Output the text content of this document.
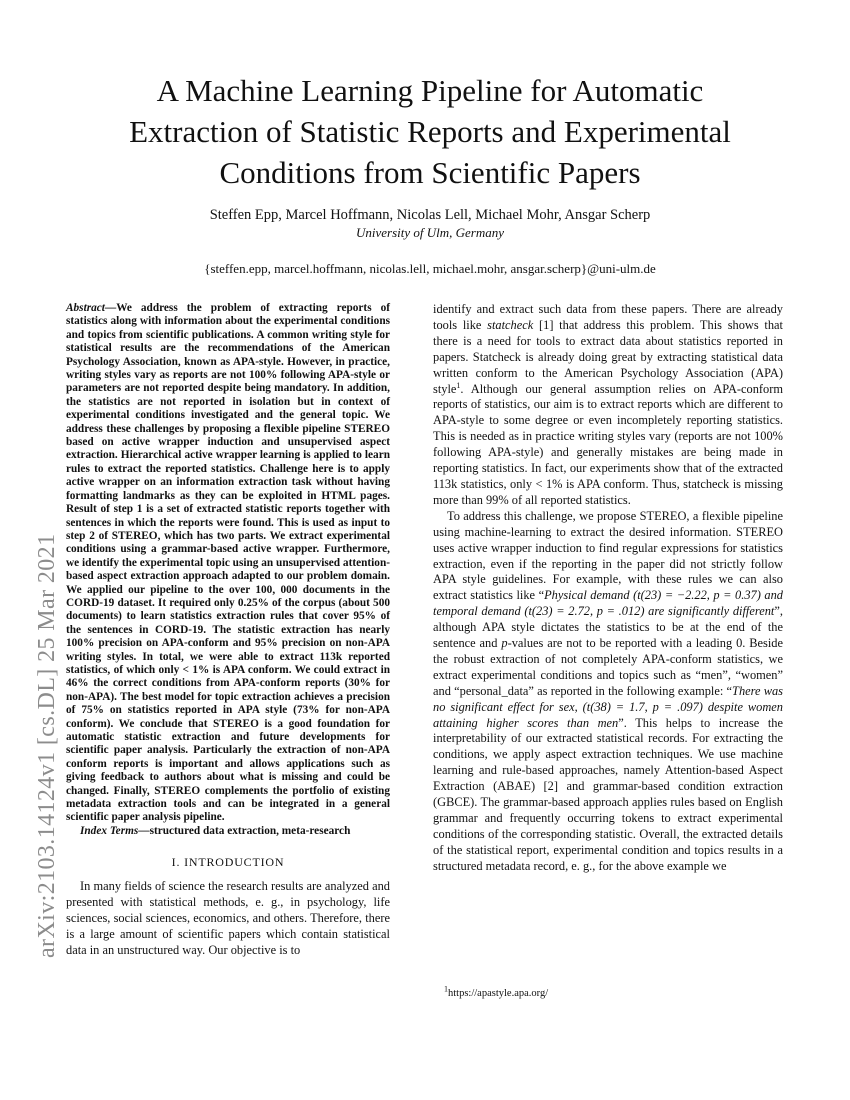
arXiv:2103.14124v1 [cs.DL] 25 Mar 2021
A Machine Learning Pipeline for Automatic
Extraction of Statistic Reports and Experimental
Conditions from Scientific Papers
Steffen Epp, Marcel Hoffmann, Nicolas Lell, Michael Mohr, Ansgar Scherp
University of Ulm, Germany
{steffen.epp, marcel.hoffmann, nicolas.lell, michael.mohr, ansgar.scherp}@uni-ulm.de

Abstract—We address the problem of extracting reports of statistics along with information about the experimental conditions and topics from scientific publications. A common writing style for statistical results are the recommendations of the American Psychology Association, known as APA-style. However, in practice, writing styles vary as reports are not 100% following APA-style or parameters are not reported despite being mandatory. In addition, the statistics are not reported in isolation but in context of experimental conditions investigated and the general topic. We address these challenges by proposing a flexible pipeline STEREO based on active wrapper induction and unsupervised aspect extraction. Hierarchical active wrapper learning is applied to learn rules to extract the reported statistics. Challenge here is to apply active wrapper on an information extraction task without having formatting landmarks as they can be exploited in HTML pages. Result of step 1 is a set of extracted statistic reports together with sentences in which the reports were found. This is used as input to step 2 of STEREO, which has two parts. We extract experimental conditions using a grammar-based active wrapper. Furthermore, we identify the experimental topic using an unsupervised attention-based aspect extraction approach adapted to our problem domain. We applied our pipeline to the over 100, 000 documents in the CORD-19 dataset. It required only 0.25% of the corpus (about 500 documents) to learn statistics extraction rules that cover 95% of the sentences in CORD-19. The statistic extraction has nearly 100% precision on APA-conform and 95% precision on non-APA writing styles. In total, we were able to extract 113k reported statistics, of which only < 1% is APA conform. We could extract in 46% the correct conditions from APA-conform reports (30% for non-APA). The best model for topic extraction achieves a precision of 75% on statistics reported in APA style (73% for non-APA conform). We conclude that STEREO is a good foundation for automatic statistic extraction and future developments for scientific paper analysis. Particularly the extraction of non-APA conform reports is important and allows applications such as giving feedback to authors about what is missing and could be changed. Finally, STEREO complements the portfolio of existing metadata extraction tools and can be integrated in a general scientific paper analysis pipeline.

Index Terms—structured data extraction, meta-research

I. INTRODUCTION

In many fields of science the research results are analyzed and presented with statistical methods, e. g., in psychology, life sciences, social sciences, economics, and others. Therefore, there is a large amount of scientific papers which contain statistical data in an unstructured way. Our objective is to

identify and extract such data from these papers. There are already tools like statcheck [1] that address this problem. This shows that there is a need for tools to extract data about statistics reported in papers. Statcheck is already doing great by extracting statistical data written conform to the American Psychology Association (APA) style$^1$. Although our general assumption relies on APA-conform reports of statistics, our aim is to extract reports which are different to APA-style to some degree or even incompletely reporting statistics. This is needed as in practice writing styles vary (reports are not 100% following APA-style) and generally mistakes are being made in reporting statistics. In fact, our experiments show that of the extracted 113k statistics, only < 1% is APA conform. Thus, statcheck is missing more than 99% of all reported statistics.

To address this challenge, we propose STEREO, a flexible pipeline using machine-learning to extract the desired information. STEREO uses active wrapper induction to find regular expressions for statistics extraction, even if the reporting in the paper did not strictly follow APA style guidelines. For example, with these rules we can also extract statistics like “Physical demand (t(23) = −2.22, p = 0.37) and temporal demand (t(23) = 2.72, p = .012) are significantly different”, although APA style dictates the statistics to be at the end of the sentence and p-values are not to be reported with a leading 0. Beside the robust extraction of not completely APA-conform statistics, we extract experimental conditions and topics such as “men”, “women” and “personal_data” as reported in the following example: “There was no significant effect for sex, (t(38) = 1.7, p = .097) despite women attaining higher scores than men”. This helps to increase the interpretability of our extracted statistical records. For extracting the conditions, we apply aspect extraction techniques. We use machine learning and rule-based approaches, namely Attention-based Aspect Extraction (ABAE) [2] and grammar-based condition extraction (GBCE). The grammar-based approach applies rules based on English grammar and frequently occurring tokens to extract experimental conditions of the corresponding statistic. Overall, the extracted details of the statistical report, experimental condition and topics results in a structured metadata record, e. g., for the above example we

$^1$https://apastyle.apa.org/
